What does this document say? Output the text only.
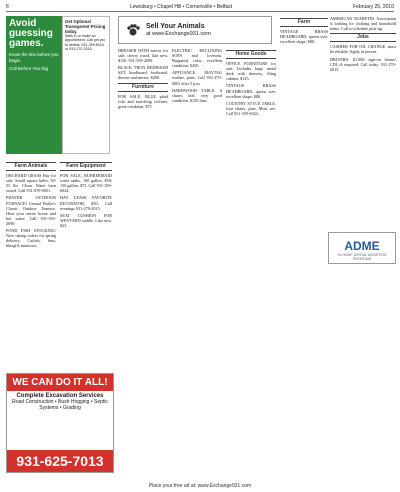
6	Lewisburg • Chapel Hill • Cornersville • Belfast	February 25, 2010
Avoid guessing games.
Know the line before you begin.
Call Before You Dig
Get Optional Transparent Pricing today.
Walk in or make an appointment. Call pet pro to details. 931-359-6024 or 931-270-2015.
Sell Your Animals
at www.Exchange931.com
Farm Animals

ORCHARD GRASS Hay for sale. Small square bales, 50-55 lbs. Clean. Water barn stored. Call 931-270-0001.

PRAYER OUTDOOR FURNACE! Central Boiler's Classic Outdoor Furnace. Heat your entire home and hot water. Call 931-359-2090.

POND FISH STOCKING: Now taking orders for spring delivery. Catfish, bass, bluegill, minnows.

Farm Equipment

FOR SALE, RUBBERMAID water tanks, 100 gallon, $50; 150 gallon, $75. Call 931-359-6024.

HAY LEASE FAVORITE INCUBATOR, $50. Call evenings 931-270-2015.

SEAT CUSHION FOR WEST-ERN saddle. Like new. $25.

DRESSER WITH mirror for sale, cherry wood, like new, $150. 931-359-2090.

BLACK TRON BEDROOM SET, headboard, footboard, dresser and mirror, $200.

Furniture

FOR SALE, BLUE plaid sofa and matching recliner, good condition, $75.

ELECTRIC RECLINING SOFA and loveseat. Burgundy color, excellent condition, $450.

APPLIANCE: MAYTAG washer, parts. Call 931-270-0001 after 5 p.m.

HARDWOOD TABLE, 6 chairs, leaf, very good condition. $150 firm.

Home Goods

OFFICE FURNITURE for sale. Includes large metal desk with drawers, filing cabinet. $125.

VINTAGE BRASS HEADBOARD, queen size, excellent shape, $80.

COUNTRY STYLE TABLE, four chairs, pine. Must see. Call 931-359-6024.

Farm

VINTAGE BRASS HEADBOARD, queen size, excellent shape, $80.

AMERICAN DIABETES Association is looking for clothing and household items. Call to schedule pick-up.

Jobs

CASHIER FOR OIL CHANGE, must be reliable. Apply in person.

DRIVERS: $1,000 sign-on bonus! CDL-A required. Call today. 931-270-2015.

ADME
IN-HOME DENTAL ASSISTING PROGRAM
WE CAN DO IT ALL!
Complete Excavation Services
Road Construction • Bush Hogging • Septic Systems • Grading
931-625-7013
Place your free ad at: www.Exchange931.com
